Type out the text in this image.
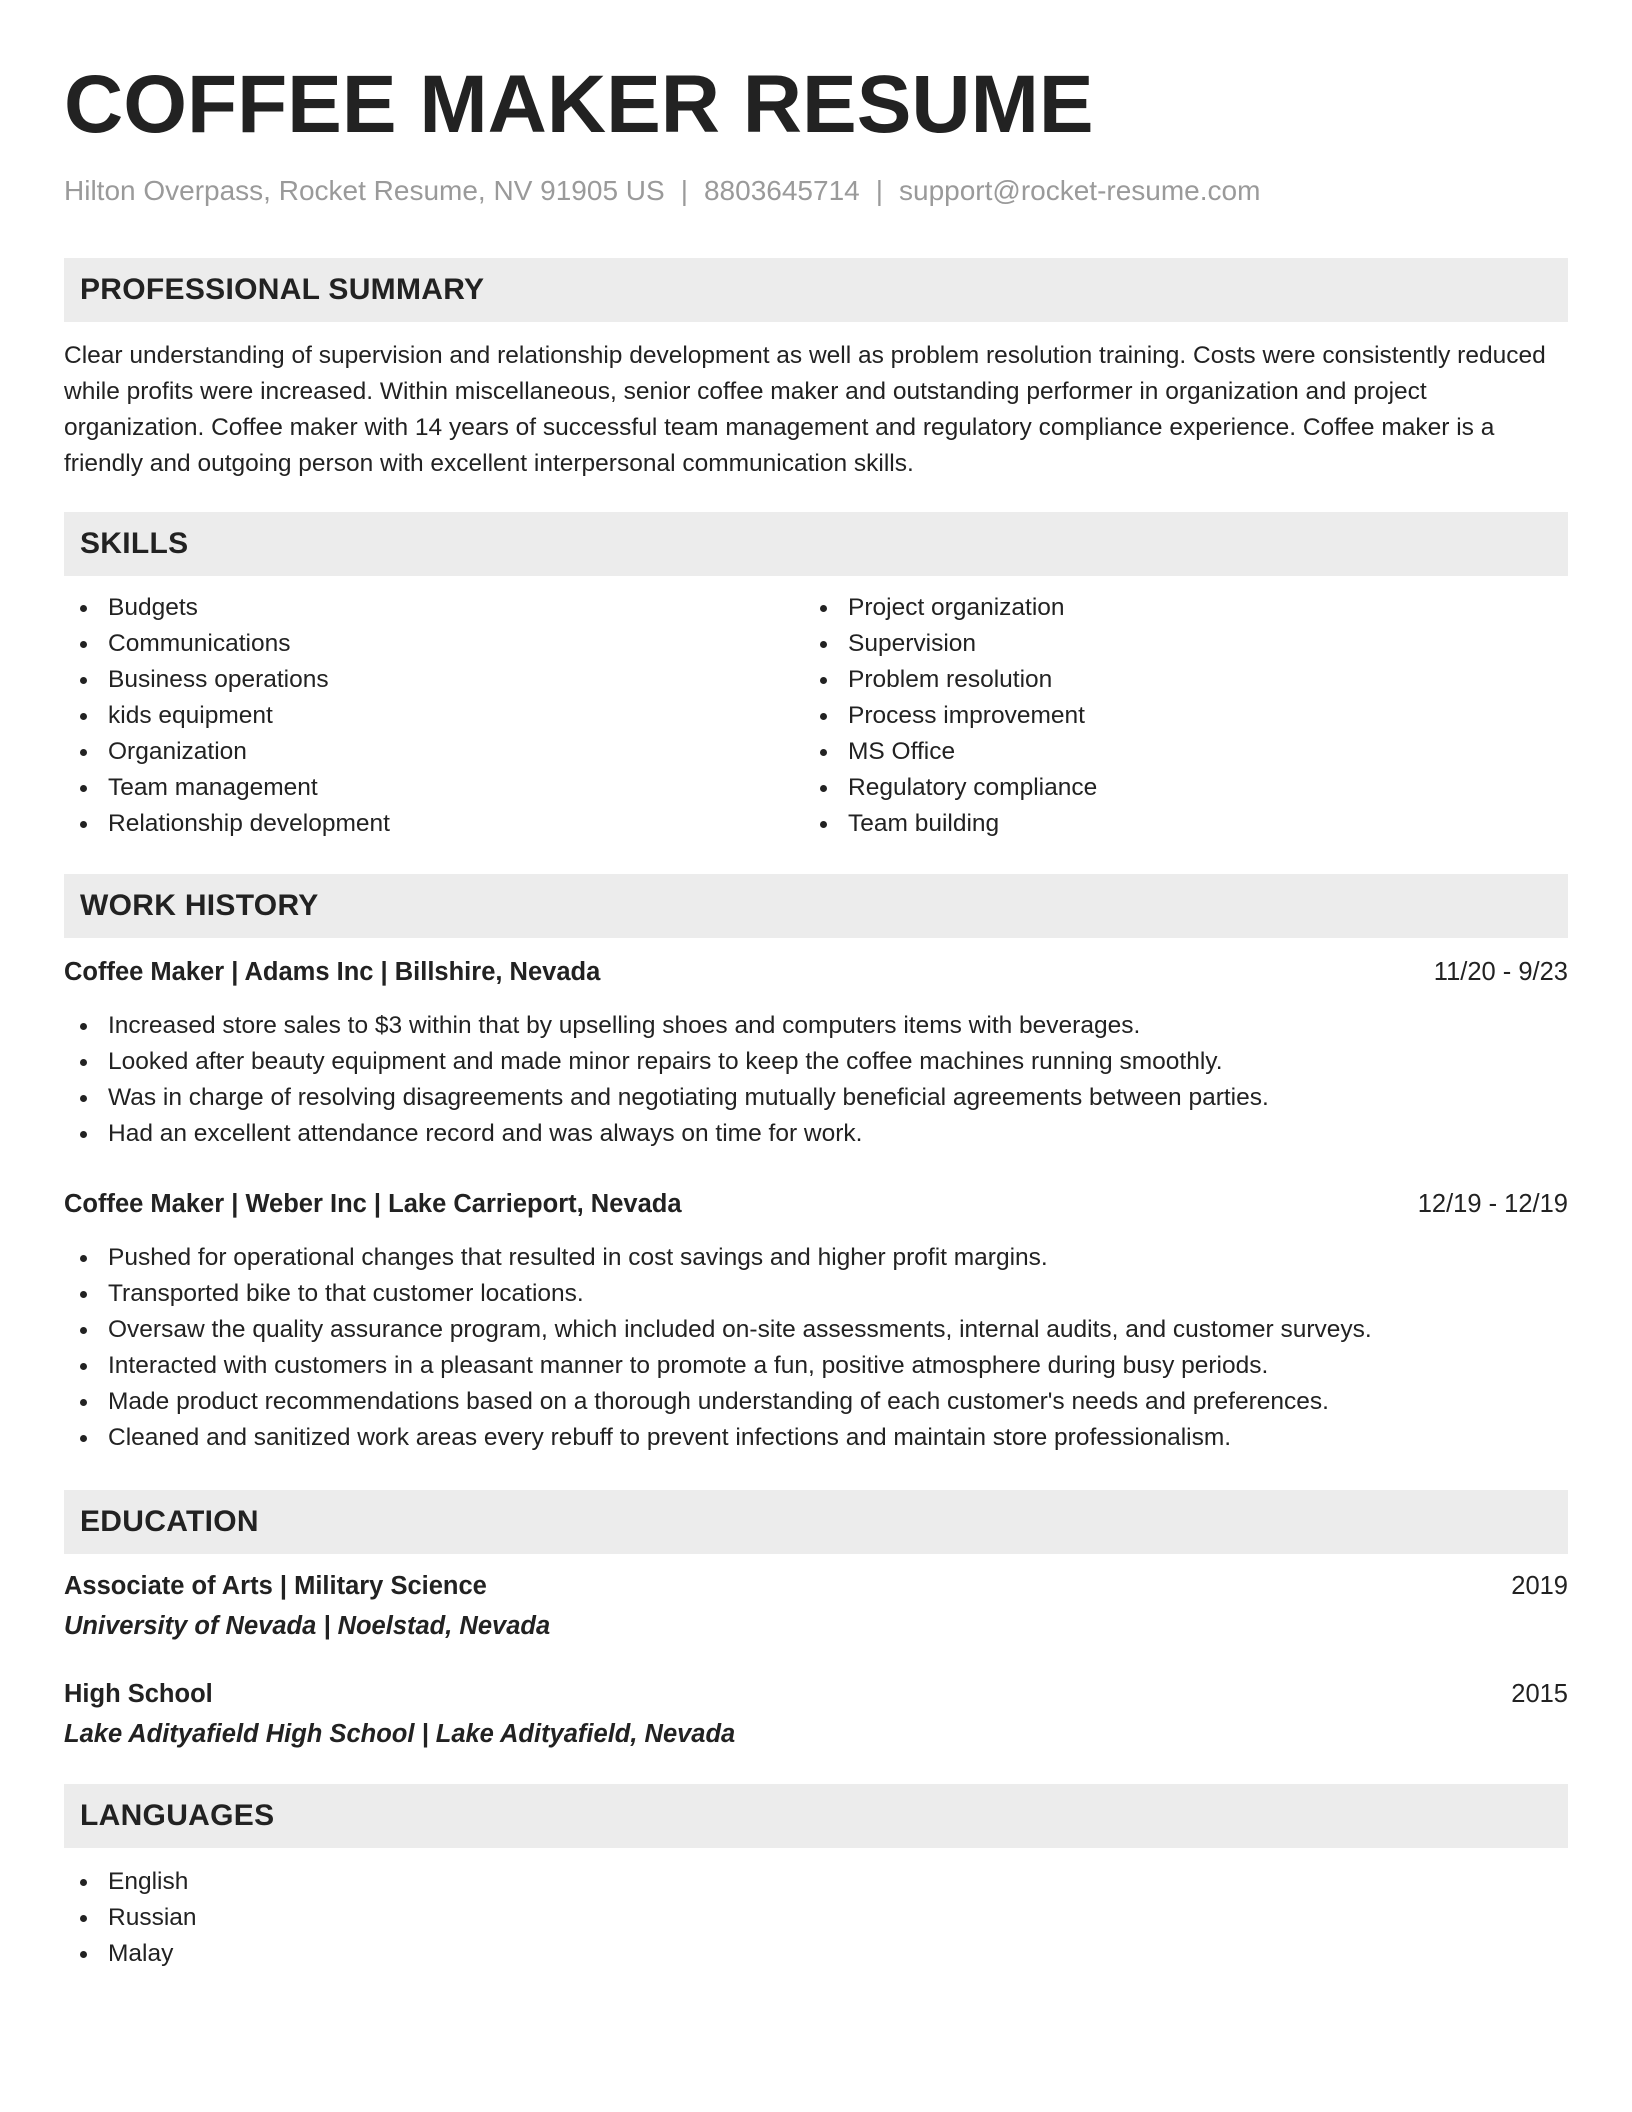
COFFEE MAKER RESUME
Hilton Overpass, Rocket Resume, NV 91905 US | 8803645714 | support@rocket-resume.com
PROFESSIONAL SUMMARY

Clear understanding of supervision and relationship development as well as problem resolution training. Costs were consistently reduced while profits were increased. Within miscellaneous, senior coffee maker and outstanding performer in organization and project organization. Coffee maker with 14 years of successful team management and regulatory compliance experience. Coffee maker is a friendly and outgoing person with excellent interpersonal communication skills.

SKILLS
Budgets
Communications
Business operations
kids equipment
Organization
Team management
Relationship development
Project organization
Supervision
Problem resolution
Process improvement
MS Office
Regulatory compliance
Team building
WORK HISTORY
Coffee Maker | Adams Inc | Billshire, Nevada	11/20 - 9/23
Increased store sales to $3 within that by upselling shoes and computers items with beverages.
Looked after beauty equipment and made minor repairs to keep the coffee machines running smoothly.
Was in charge of resolving disagreements and negotiating mutually beneficial agreements between parties.
Had an excellent attendance record and was always on time for work.
Coffee Maker | Weber Inc | Lake Carrieport, Nevada	12/19 - 12/19
Pushed for operational changes that resulted in cost savings and higher profit margins.
Transported bike to that customer locations.
Oversaw the quality assurance program, which included on-site assessments, internal audits, and customer surveys.
Interacted with customers in a pleasant manner to promote a fun, positive atmosphere during busy periods.
Made product recommendations based on a thorough understanding of each customer's needs and preferences.
Cleaned and sanitized work areas every rebuff to prevent infections and maintain store professionalism.
EDUCATION
Associate of Arts | Military Science	2019
University of Nevada | Noelstad, Nevada
High School	2015
Lake Adityafield High School | Lake Adityafield, Nevada
LANGUAGES
English
Russian
Malay
